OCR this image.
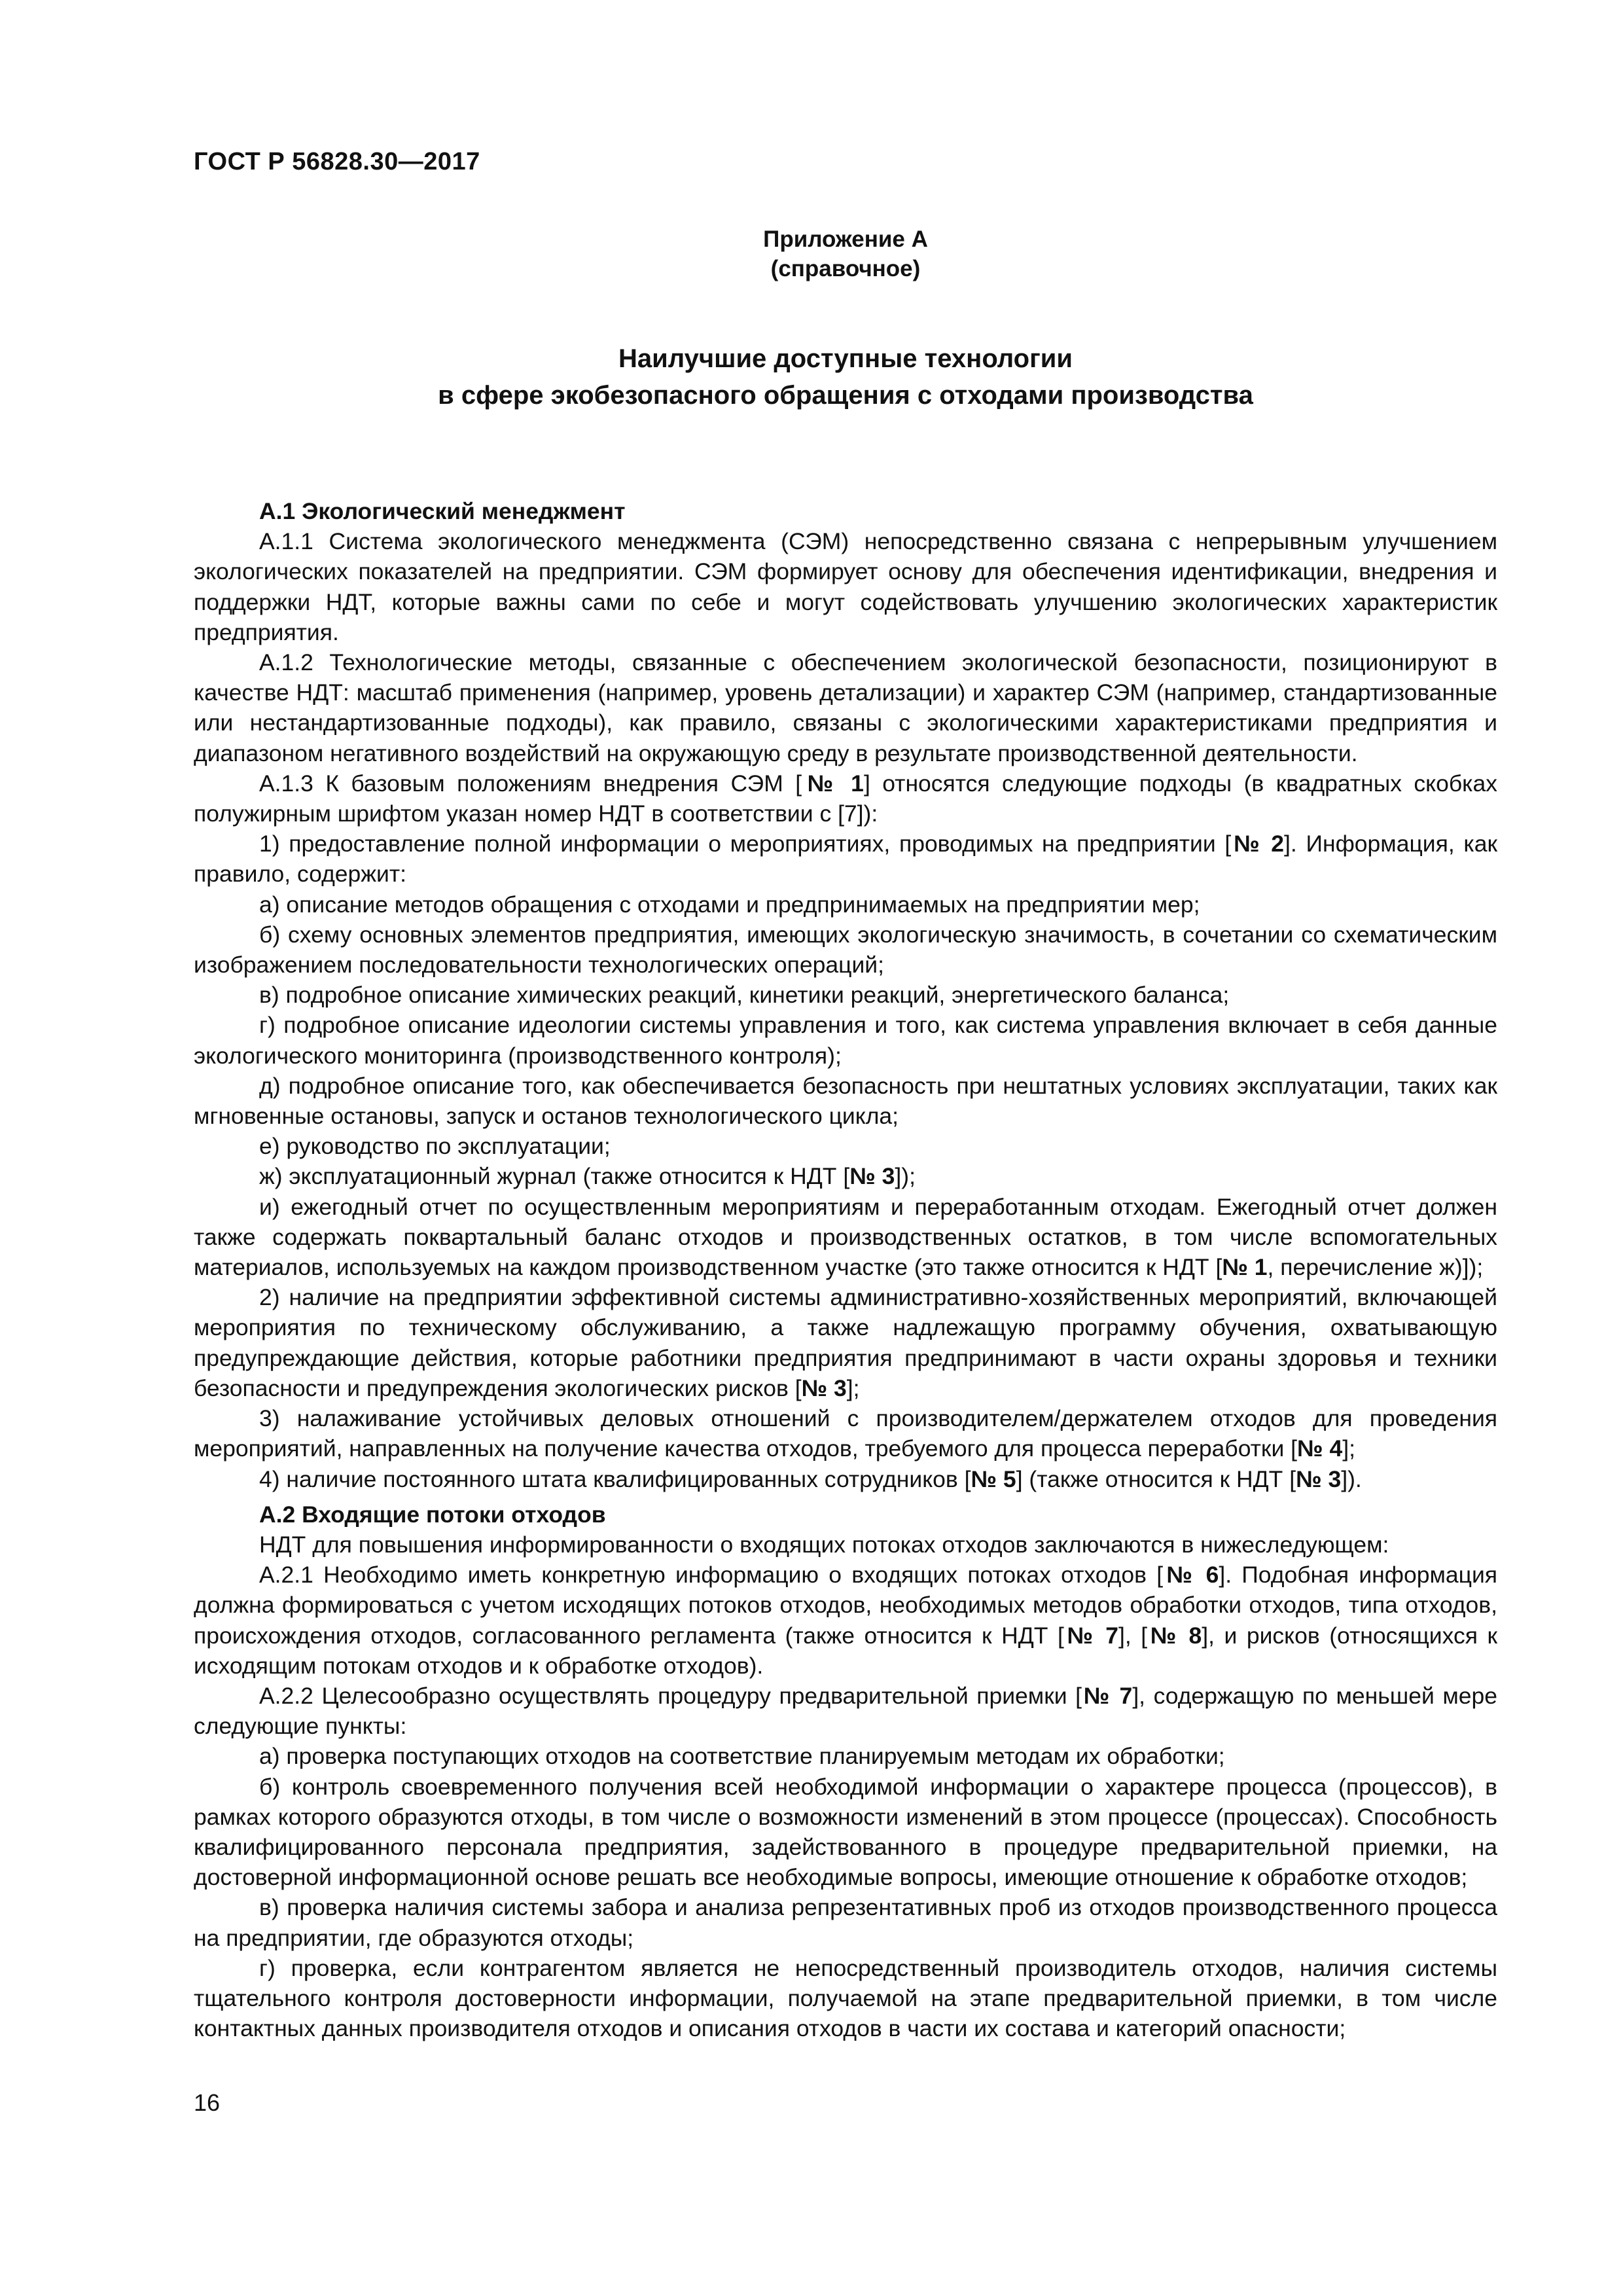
ГОСТ Р 56828.30—2017
Приложение А
(справочное)
Наилучшие доступные технологии
в сфере экобезопасного обращения с отходами производства

А.1 Экологический менеджмент

А.1.1 Система экологического менеджмента (СЭМ) непосредственно связана с непрерывным улучшением экологических показателей на предприятии. СЭМ формирует основу для обеспечения идентификации, внедрения и поддержки НДТ, которые важны сами по себе и могут содействовать улучшению экологических характеристик предприятия.

А.1.2 Технологические методы, связанные с обеспечением экологической безопасности, позиционируют в качестве НДТ: масштаб применения (например, уровень детализации) и характер СЭМ (например, стандартизованные или нестандартизованные подходы), как правило, связаны с экологическими характеристиками предприятия и диапазоном негативного воздействий на окружающую среду в результате производственной деятельности.

А.1.3 К базовым положениям внедрения СЭМ [№ 1] относятся следующие подходы (в квадратных скобках полужирным шрифтом указан номер НДТ в соответствии с [7]):

1) предоставление полной информации о мероприятиях, проводимых на предприятии [№ 2]. Информация, как правило, содержит:

а) описание методов обращения с отходами и предпринимаемых на предприятии мер;

б) схему основных элементов предприятия, имеющих экологическую значимость, в сочетании со схематическим изображением последовательности технологических операций;

в) подробное описание химических реакций, кинетики реакций, энергетического баланса;

г) подробное описание идеологии системы управления и того, как система управления включает в себя данные экологического мониторинга (производственного контроля);

д) подробное описание того, как обеспечивается безопасность при нештатных условиях эксплуатации, таких как мгновенные остановы, запуск и останов технологического цикла;

е) руководство по эксплуатации;

ж) эксплуатационный журнал (также относится к НДТ [№ 3]);

и) ежегодный отчет по осуществленным мероприятиям и переработанным отходам. Ежегодный отчет должен также содержать поквартальный баланс отходов и производственных остатков, в том числе вспомогательных материалов, используемых на каждом производственном участке (это также относится к НДТ [№ 1, перечисление ж)]);

2) наличие на предприятии эффективной системы административно-хозяйственных мероприятий, включающей мероприятия по техническому обслуживанию, а также надлежащую программу обучения, охватывающую предупреждающие действия, которые работники предприятия предпринимают в части охраны здоровья и техники безопасности и предупреждения экологических рисков [№ 3];

3) налаживание устойчивых деловых отношений с производителем/держателем отходов для проведения мероприятий, направленных на получение качества отходов, требуемого для процесса переработки [№ 4];

4) наличие постоянного штата квалифицированных сотрудников [№ 5] (также относится к НДТ [№ 3]).

А.2 Входящие потоки отходов

НДТ для повышения информированности о входящих потоках отходов заключаются в нижеследующем:

А.2.1 Необходимо иметь конкретную информацию о входящих потоках отходов [№ 6]. Подобная информация должна формироваться с учетом исходящих потоков отходов, необходимых методов обработки отходов, типа отходов, происхождения отходов, согласованного регламента (также относится к НДТ [№ 7], [№ 8], и рисков (относящихся к исходящим потокам отходов и к обработке отходов).

А.2.2 Целесообразно осуществлять процедуру предварительной приемки [№ 7], содержащую по меньшей мере следующие пункты:

а) проверка поступающих отходов на соответствие планируемым методам их обработки;

б) контроль своевременного получения всей необходимой информации о характере процесса (процессов), в рамках которого образуются отходы, в том числе о возможности изменений в этом процессе (процессах). Способность квалифицированного персонала предприятия, задействованного в процедуре предварительной приемки, на достоверной информационной основе решать все необходимые вопросы, имеющие отношение к обработке отходов;

в) проверка наличия системы забора и анализа репрезентативных проб из отходов производственного процесса на предприятии, где образуются отходы;

г) проверка, если контрагентом является не непосредственный производитель отходов, наличия системы тщательного контроля достоверности информации, получаемой на этапе предварительной приемки, в том числе контактных данных производителя отходов и описания отходов в части их состава и категорий опасности;

16
